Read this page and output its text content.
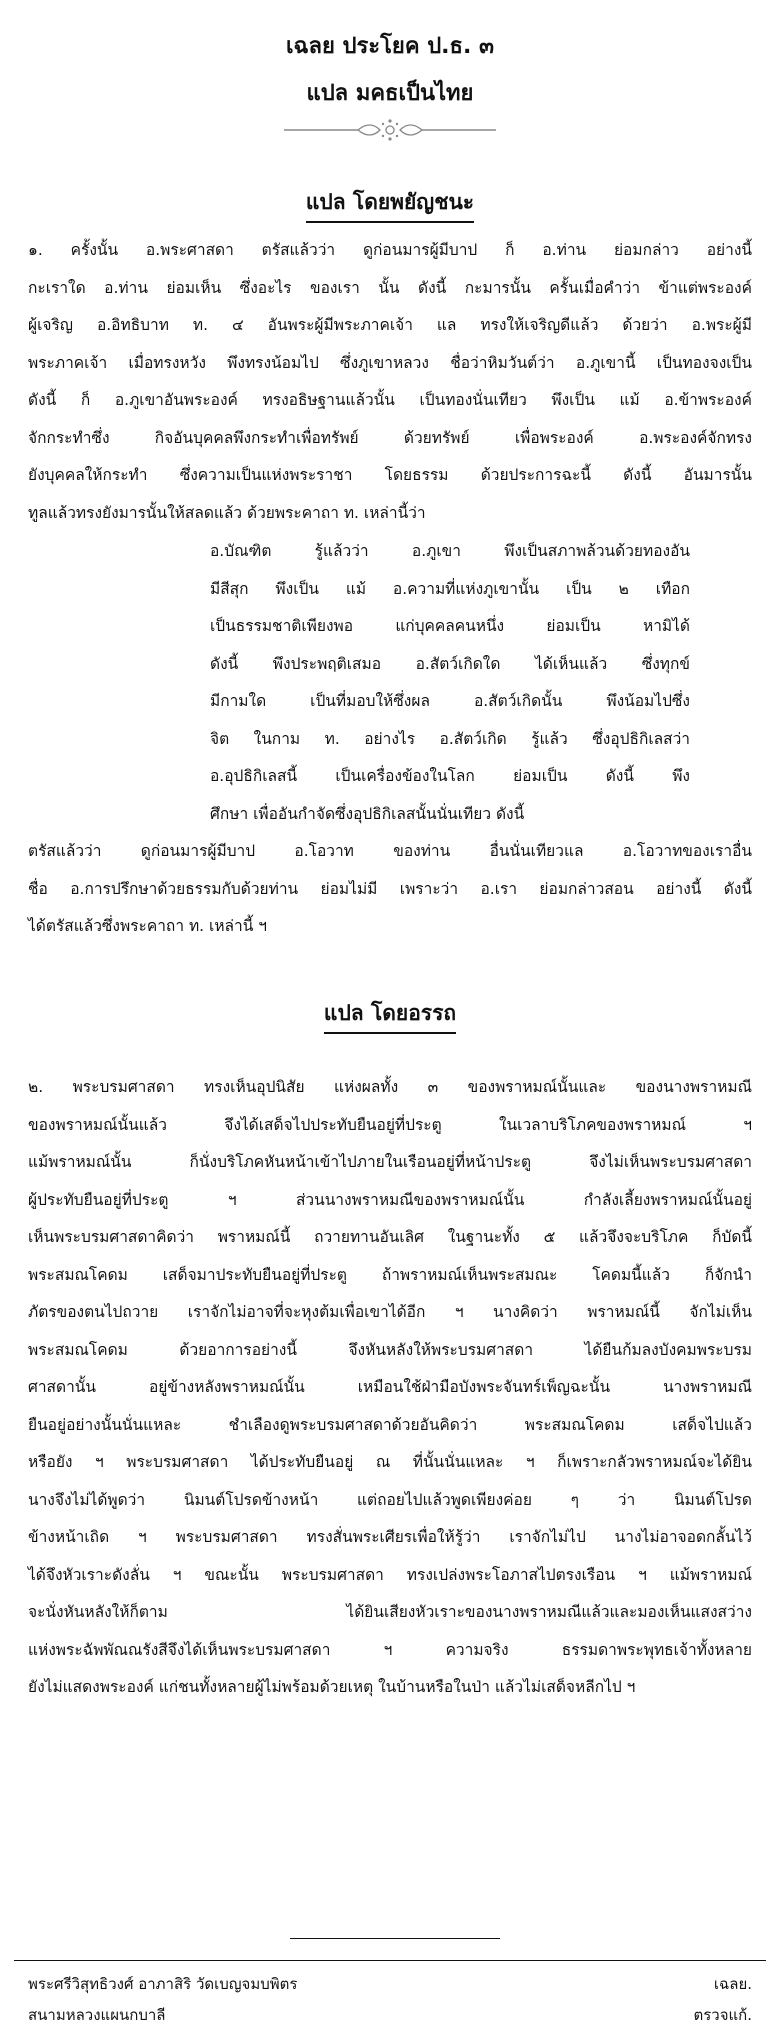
เฉลย ประโยค ป.ธ. ๓
แปล มคธเป็นไทย
แปล โดยพยัญชนะ
๑. ครั้งนั้น อ.พระศาสดา ตรัสแล้วว่า ดูก่อนมารผู้มีบาป ก็ อ.ท่าน ย่อมกล่าว อย่างนี้
กะเราใด อ.ท่าน ย่อมเห็น ซึ่งอะไร ของเรา นั้น ดังนี้ กะมารนั้น ครั้นเมื่อคำว่า ข้าแต่พระองค์
ผู้เจริญ อ.อิทธิบาท ท. ๔ อันพระผู้มีพระภาคเจ้า แล ทรงให้เจริญดีแล้ว ด้วยว่า อ.พระผู้มี
พระภาคเจ้า เมื่อทรงหวัง พึงทรงน้อมไป ซึ่งภูเขาหลวง ชื่อว่าหิมวันต์ว่า อ.ภูเขานี้ เป็นทองจงเป็น
ดังนี้ ก็ อ.ภูเขาอันพระองค์ ทรงอธิษฐานแล้วนั้น เป็นทองนั่นเทียว พึงเป็น แม้ อ.ข้าพระองค์
จักกระทำซึ่ง กิจอันบุคคลพึงกระทำเพื่อทรัพย์ ด้วยทรัพย์ เพื่อพระองค์ อ.พระองค์จักทรง
ยังบุคคลให้กระทำ ซึ่งความเป็นแห่งพระราชา โดยธรรม ด้วยประการฉะนี้ ดังนี้ อันมารนั้น
ทูลแล้วทรงยังมารนั้นให้สลดแล้ว ด้วยพระคาถา ท. เหล่านี้ว่า
อ.บัณฑิต รู้แล้วว่า อ.ภูเขา พึงเป็นสภาพล้วนด้วยทองอัน
มีสีสุก พึงเป็น แม้ อ.ความที่แห่งภูเขานั้น เป็น ๒ เทือก
เป็นธรรมชาติเพียงพอ แก่บุคคลคนหนึ่ง ย่อมเป็น หามิได้
ดังนี้ พึงประพฤติเสมอ อ.สัตว์เกิดใด ได้เห็นแล้ว ซึ่งทุกข์
มีกามใด เป็นที่มอบให้ซึ่งผล อ.สัตว์เกิดนั้น พึงน้อมไปซึ่ง
จิต ในกาม ท. อย่างไร อ.สัตว์เกิด รู้แล้ว ซึ่งอุปธิกิเลสว่า
อ.อุปธิกิเลสนี้ เป็นเครื่องข้องในโลก ย่อมเป็น ดังนี้ พึง
ศึกษา เพื่ออันกำจัดซึ่งอุปธิกิเลสนั้นนั่นเทียว ดังนี้
ตรัสแล้วว่า ดูก่อนมารผู้มีบาป อ.โอวาท ของท่าน อื่นนั่นเทียวแล อ.โอวาทของเราอื่น
ชื่อ อ.การปรึกษาด้วยธรรมกับด้วยท่าน ย่อมไม่มี เพราะว่า อ.เรา ย่อมกล่าวสอน อย่างนี้ ดังนี้
ได้ตรัสแล้วซึ่งพระคาถา ท. เหล่านี้ ฯ
แปล โดยอรรถ
๒. พระบรมศาสดา ทรงเห็นอุปนิสัย แห่งผลทั้ง ๓ ของพราหมณ์นั้นและ ของนางพราหมณี
ของพราหมณ์นั้นแล้ว จึงได้เสด็จไปประทับยืนอยู่ที่ประตู ในเวลาบริโภคของพราหมณ์ ฯ
แม้พราหมณ์นั้น ก็นั่งบริโภคหันหน้าเข้าไปภายในเรือนอยู่ที่หน้าประตู จึงไม่เห็นพระบรมศาสดา
ผู้ประทับยืนอยู่ที่ประตู ฯ ส่วนนางพราหมณีของพราหมณ์นั้น กำลังเลี้ยงพราหมณ์นั้นอยู่
เห็นพระบรมศาสดาคิดว่า พราหมณ์นี้ ถวายทานอันเลิศ ในฐานะทั้ง ๕ แล้วจึงจะบริโภค ก็บัดนี้
พระสมณโคดม เสด็จมาประทับยืนอยู่ที่ประตู ถ้าพราหมณ์เห็นพระสมณะ โคดมนี้แล้ว ก็จักนำ
ภัตรของตนไปถวาย เราจักไม่อาจที่จะหุงต้มเพื่อเขาได้อีก ฯ นางคิดว่า พราหมณ์นี้ จักไม่เห็น
พระสมณโคดม ด้วยอาการอย่างนี้ จึงหันหลังให้พระบรมศาสดา ได้ยืนก้มลงบังคมพระบรม
ศาสดานั้น อยู่ข้างหลังพราหมณ์นั้น เหมือนใช้ฝ่ามือบังพระจันทร์เพ็ญฉะนั้น นางพราหมณี
ยืนอยู่อย่างนั้นนั่นแหละ ชำเลืองดูพระบรมศาสดาด้วยอันคิดว่า พระสมณโคดม เสด็จไปแล้ว
หรือยัง ฯ พระบรมศาสดา ได้ประทับยืนอยู่ ณ ที่นั้นนั่นแหละ ฯ ก็เพราะกลัวพราหมณ์จะได้ยิน
นางจึงไม่ได้พูดว่า นิมนต์โปรดข้างหน้า แต่ถอยไปแล้วพูดเพียงค่อย ๆ ว่า นิมนต์โปรด
ข้างหน้าเถิด ฯ พระบรมศาสดา ทรงสั่นพระเศียรเพื่อให้รู้ว่า เราจักไม่ไป นางไม่อาจอดกลั้นไว้
ได้จึงหัวเราะดังลั่น ฯ ขณะนั้น พระบรมศาสดา ทรงเปล่งพระโอภาสไปตรงเรือน ฯ แม้พราหมณ์
จะนั่งหันหลังให้ก็ตาม ได้ยินเสียงหัวเราะของนางพราหมณีแล้วและมองเห็นแสงสว่าง
แห่งพระฉัพพัณณรังสีจึงได้เห็นพระบรมศาสดา ฯ ความจริง ธรรมดาพระพุทธเจ้าทั้งหลาย
ยังไม่แสดงพระองค์ แก่ชนทั้งหลายผู้ไม่พร้อมด้วยเหตุ ในบ้านหรือในป่า แล้วไม่เสด็จหลีกไป ฯ
พระศรีวิสุทธิวงศ์ อาภาสิริ วัดเบญจมบพิตร
สนามหลวงแผนกบาลี
เฉลย.
ตรวจแก้.
